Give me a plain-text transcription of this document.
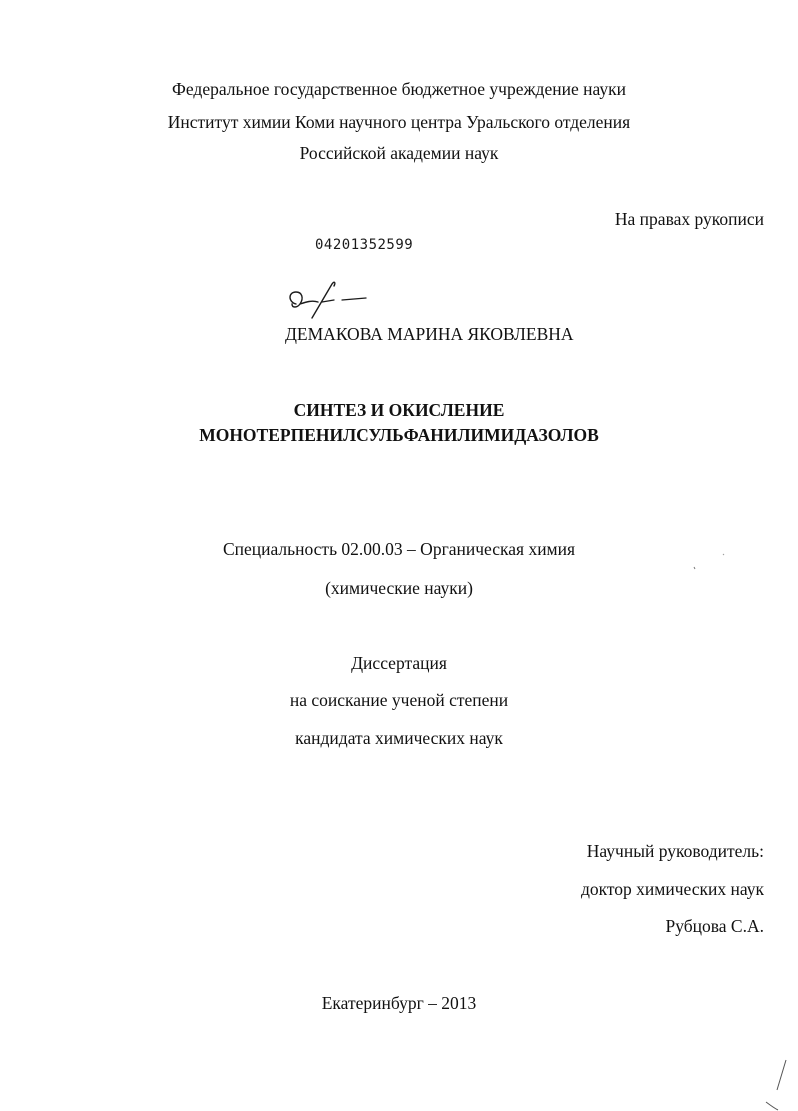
Федеральное государственное бюджетное учреждение науки
Институт химии Коми научного центра Уральского отделения
Российской академии наук
На правах рукописи
04201352599
ДЕМАКОВА МАРИНА ЯКОВЛЕВНА
СИНТЕЗ И ОКИСЛЕНИЕ
МОНОТЕРПЕНИЛСУЛЬФАНИЛИМИДАЗОЛОВ
Специальность 02.00.03 – Органическая химия
(химические науки)
Диссертация
на соискание ученой степени
кандидата химических наук
Научный руководитель:
доктор химических наук
Рубцова С.А.
Екатеринбург – 2013
